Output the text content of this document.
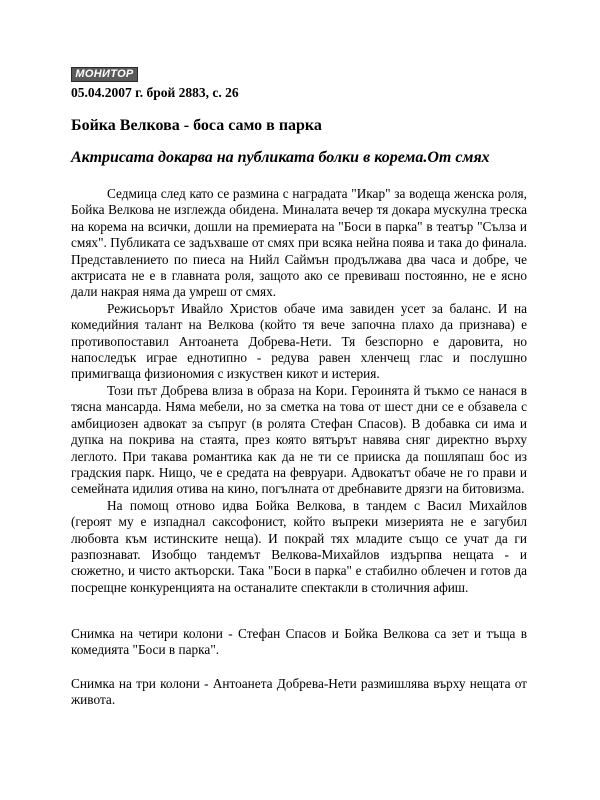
МОНИТОР
05.04.2007 г. брой 2883, с. 26
Бойка Велкова - боса само в парка
Актрисата докарва на публиката болки в корема.От смях

Седмица след като се размина с наградата "Икар" за водеща женска роля, Бойка Велкова не изглежда обидена. Миналата вечер тя докара мускулна треска на корема на всички, дошли на премиерата на "Боси в парка" в театър "Сълза и смях". Публиката се задъхваше от смях при всяка нейна поява и така до финала. Представлението по пиеса на Нийл Саймън продължава два часа и добре, че актрисата не е в главната роля, защото ако се превиваш постоянно, не е ясно дали накрая няма да умреш от смях.

Режисьорът Ивайло Христов обаче има завиден усет за баланс. И на комедийния талант на Велкова (който тя вече започна плахо да признава) е противопоставил Антоанета Добрева-Нети. Тя безспорно е даровита, но напоследък играе еднотипно - редува равен хленчещ глас и послушно примигваща физиономия с изкуствен кикот и истерия.

Този път Добрева влиза в образа на Кори. Героинята й тъкмо се нанася в тясна мансарда. Няма мебели, но за сметка на това от шест дни се е обзавела с амбициозен адвокат за съпруг (в ролята Стефан Спасов). В добавка си има и дупка на покрива на стаята, през която вятърът навява сняг директно върху леглото. При такава романтика как да не ти се прииска да пошляпаш бос из градския парк. Нищо, че е средата на февруари. Адвокатът обаче не го прави и семейната идилия отива на кино, погълната от дребнавите дрязги на битовизма.

На помощ отново идва Бойка Велкова, в тандем с Васил Михайлов (героят му е изпаднал саксофонист, който въпреки мизерията не е загубил любовта към истинските неща). И покрай тях младите също се учат да ги разпознават. Изобщо тандемът Велкова-Михайлов издърпва нещата - и сюжетно, и чисто актьорски. Така "Боси в парка" е стабилно облечен и готов да посрещне конкуренцията на останалите спектакли в столичния афиш.

Снимка на четири колони - Стефан Спасов и Бойка Велкова са зет и тъща в комедията "Боси в парка".

Снимка на три колони - Антоанета Добрева-Нети размишлява върху нещата от живота.
